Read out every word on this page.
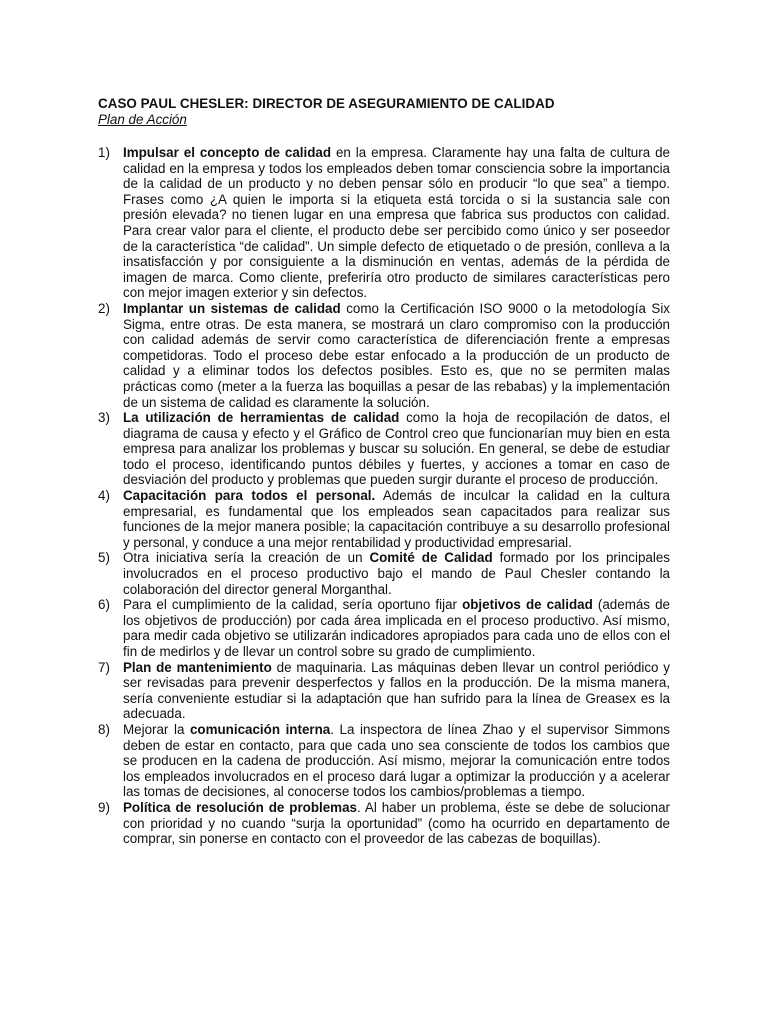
CASO PAUL CHESLER: DIRECTOR DE ASEGURAMIENTO DE CALIDAD

Plan de Acción

1) Impulsar el concepto de calidad en la empresa. Claramente hay una falta de cultura de calidad en la empresa y todos los empleados deben tomar consciencia sobre la importancia de la calidad de un producto y no deben pensar sólo en producir “lo que sea” a tiempo. Frases como ¿A quien le importa si la etiqueta está torcida o si la sustancia sale con presión elevada? no tienen lugar en una empresa que fabrica sus productos con calidad. Para crear valor para el cliente, el producto debe ser percibido como único y ser poseedor de la característica “de calidad”. Un simple defecto de etiquetado o de presión, conlleva a la insatisfacción y por consiguiente a la disminución en ventas, además de la pérdida de imagen de marca. Como cliente, preferiría otro producto de similares características pero con mejor imagen exterior y sin defectos.
2) Implantar un sistemas de calidad como la Certificación ISO 9000 o la metodología Six Sigma, entre otras. De esta manera, se mostrará un claro compromiso con la producción con calidad además de servir como característica de diferenciación frente a empresas competidoras. Todo el proceso debe estar enfocado a la producción de un producto de calidad y a eliminar todos los defectos posibles. Esto es, que no se permiten malas prácticas como (meter a la fuerza las boquillas a pesar de las rebabas) y la implementación de un sistema de calidad es claramente la solución.
3) La utilización de herramientas de calidad como la hoja de recopilación de datos, el diagrama de causa y efecto y el Gráfico de Control creo que funcionarían muy bien en esta empresa para analizar los problemas y buscar su solución. En general, se debe de estudiar todo el proceso, identificando puntos débiles y fuertes, y acciones a tomar en caso de desviación del producto y problemas que pueden surgir durante el proceso de producción.
4) Capacitación para todos el personal. Además de inculcar la calidad en la cultura empresarial, es fundamental que los empleados sean capacitados para realizar sus funciones de la mejor manera posible; la capacitación contribuye a su desarrollo profesional y personal, y conduce a una mejor rentabilidad y productividad empresarial.
5) Otra iniciativa sería la creación de un Comité de Calidad formado por los principales involucrados en el proceso productivo bajo el mando de Paul Chesler contando la colaboración del director general Morganthal.
6) Para el cumplimiento de la calidad, sería oportuno fijar objetivos de calidad (además de los objetivos de producción) por cada área implicada en el proceso productivo. Así mismo, para medir cada objetivo se utilizarán indicadores apropiados para cada uno de ellos con el fin de medirlos y de llevar un control sobre su grado de cumplimiento.
7) Plan de mantenimiento de maquinaria. Las máquinas deben llevar un control periódico y ser revisadas para prevenir desperfectos y fallos en la producción. De la misma manera, sería conveniente estudiar si la adaptación que han sufrido para la línea de Greasex es la adecuada.
8) Mejorar la comunicación interna. La inspectora de línea Zhao y el supervisor Simmons deben de estar en contacto, para que cada uno sea consciente de todos los cambios que se producen en la cadena de producción. Así mismo, mejorar la comunicación entre todos los empleados involucrados en el proceso dará lugar a optimizar la producción y a acelerar las tomas de decisiones, al conocerse todos los cambios/problemas a tiempo.
9) Política de resolución de problemas. Al haber un problema, éste se debe de solucionar con prioridad y no cuando “surja la oportunidad” (como ha ocurrido en departamento de comprar, sin ponerse en contacto con el proveedor de las cabezas de boquillas).
